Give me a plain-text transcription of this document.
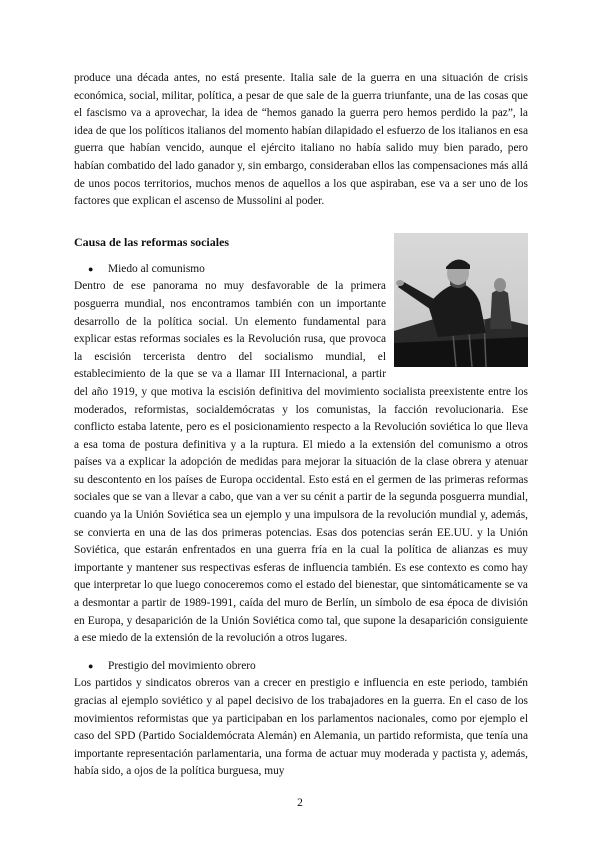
produce una década antes, no está presente. Italia sale de la guerra en una situación de crisis económica, social, militar, política, a pesar de que sale de la guerra triunfante, una de las cosas que el fascismo va a aprovechar, la idea de “hemos ganado la guerra pero hemos perdido la paz”, la idea de que los políticos italianos del momento habían dilapidado el esfuerzo de los italianos en esa guerra que habían vencido, aunque el ejército italiano no había salido muy bien parado, pero habían combatido del lado ganador y, sin embargo, consideraban ellos las compensaciones más allá de unos pocos territorios, muchos menos de aquellos a los que aspiraban, ese va a ser uno de los factores que explican el ascenso de Mussolini al poder.

Causa de las reformas sociales
●	Miedo al comunismo

Dentro de ese panorama no muy desfavorable de la primera posguerra mundial, nos encontramos también con un importante desarrollo de la política social. Un elemento fundamental para explicar estas reformas sociales es la Revolución rusa, que provoca la escisión tercerista dentro del socialismo mundial, el establecimiento de la que se va a llamar III Internacional, a partir del año 1919, y que motiva la escisión definitiva del movimiento socialista preexistente entre los moderados, reformistas, socialdemócratas y los comunistas, la facción revolucionaria. Ese conflicto estaba latente, pero es el posicionamiento respecto a la Revolución soviética lo que lleva a esa toma de postura definitiva y a la ruptura. El miedo a la extensión del comunismo a otros países va a explicar la adopción de medidas para mejorar la situación de la clase obrera y atenuar su descontento en los países de Europa occidental. Esto está en el germen de las primeras reformas sociales que se van a llevar a cabo, que van a ver su cénit a partir de la segunda posguerra mundial, cuando ya la Unión Soviética sea un ejemplo y una impulsora de la revolución mundial y, además, se convierta en una de las dos primeras potencias. Esas dos potencias serán EE.UU. y la Unión Soviética, que estarán enfrentados en una guerra fría en la cual la política de alianzas es muy importante y mantener sus respectivas esferas de influencia también. Es ese contexto es como hay que interpretar lo que luego conoceremos como el estado del bienestar, que sintomáticamente se va a desmontar a partir de 1989-1991, caída del muro de Berlín, un símbolo de esa época de división en Europa, y desaparición de la Unión Soviética como tal, que supone la desaparición consiguiente a ese miedo de la extensión de la revolución a otros lugares.

●	Prestigio del movimiento obrero

Los partidos y sindicatos obreros van a crecer en prestigio e influencia en este periodo, también gracias al ejemplo soviético y al papel decisivo de los trabajadores en la guerra. En el caso de los movimientos reformistas que ya participaban en los parlamentos nacionales, como por ejemplo el caso del SPD (Partido Socialdemócrata Alemán) en Alemania, un partido reformista, que tenía una importante representación parlamentaria, una forma de actuar muy moderada y pactista y, además, había sido, a ojos de la política burguesa, muy

2
